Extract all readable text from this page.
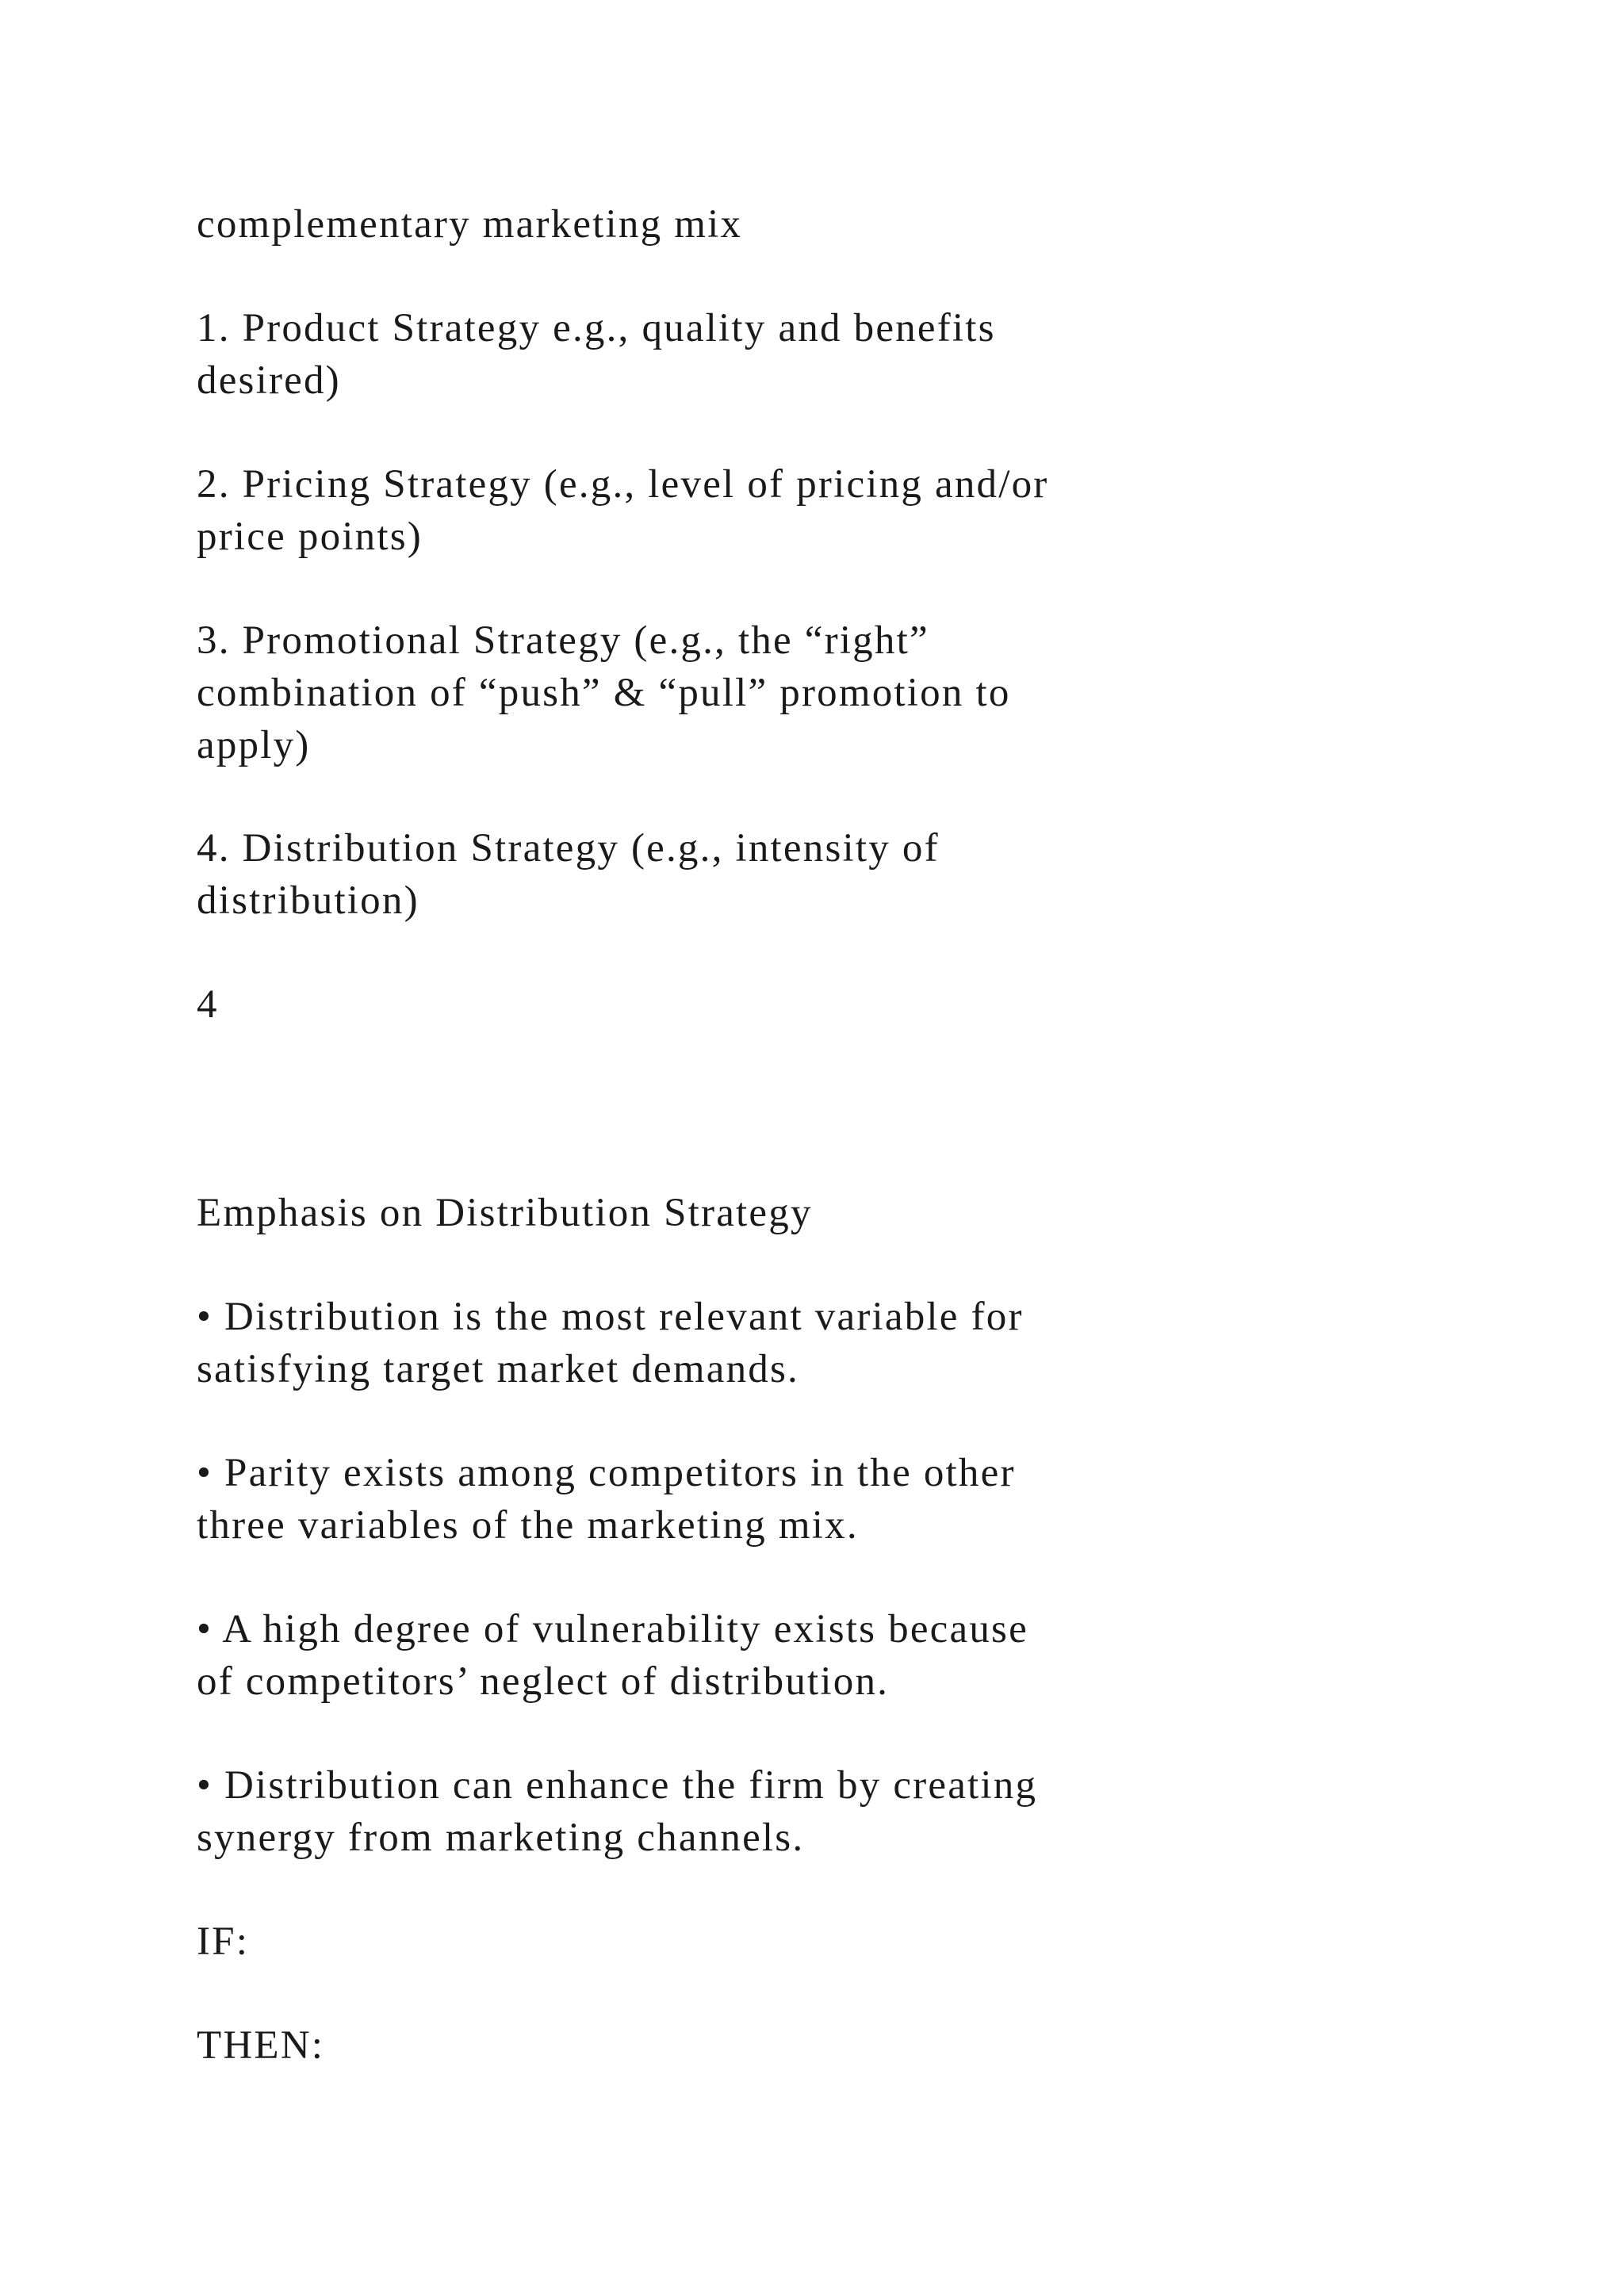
complementary marketing mix

1. Product Strategy e.g., quality and benefits
desired)

2. Pricing Strategy (e.g., level of pricing and/or
price points)

3. Promotional Strategy (e.g., the “right”
combination of “push” & “pull” promotion to
apply)

4. Distribution Strategy (e.g., intensity of
distribution)

4

Emphasis on Distribution Strategy

• Distribution is the most relevant variable for
satisfying target market demands.

• Parity exists among competitors in the other
three variables of the marketing mix.

• A high degree of vulnerability exists because
of competitors’ neglect of distribution.

• Distribution can enhance the firm by creating
synergy from marketing channels.

IF:

THEN:
